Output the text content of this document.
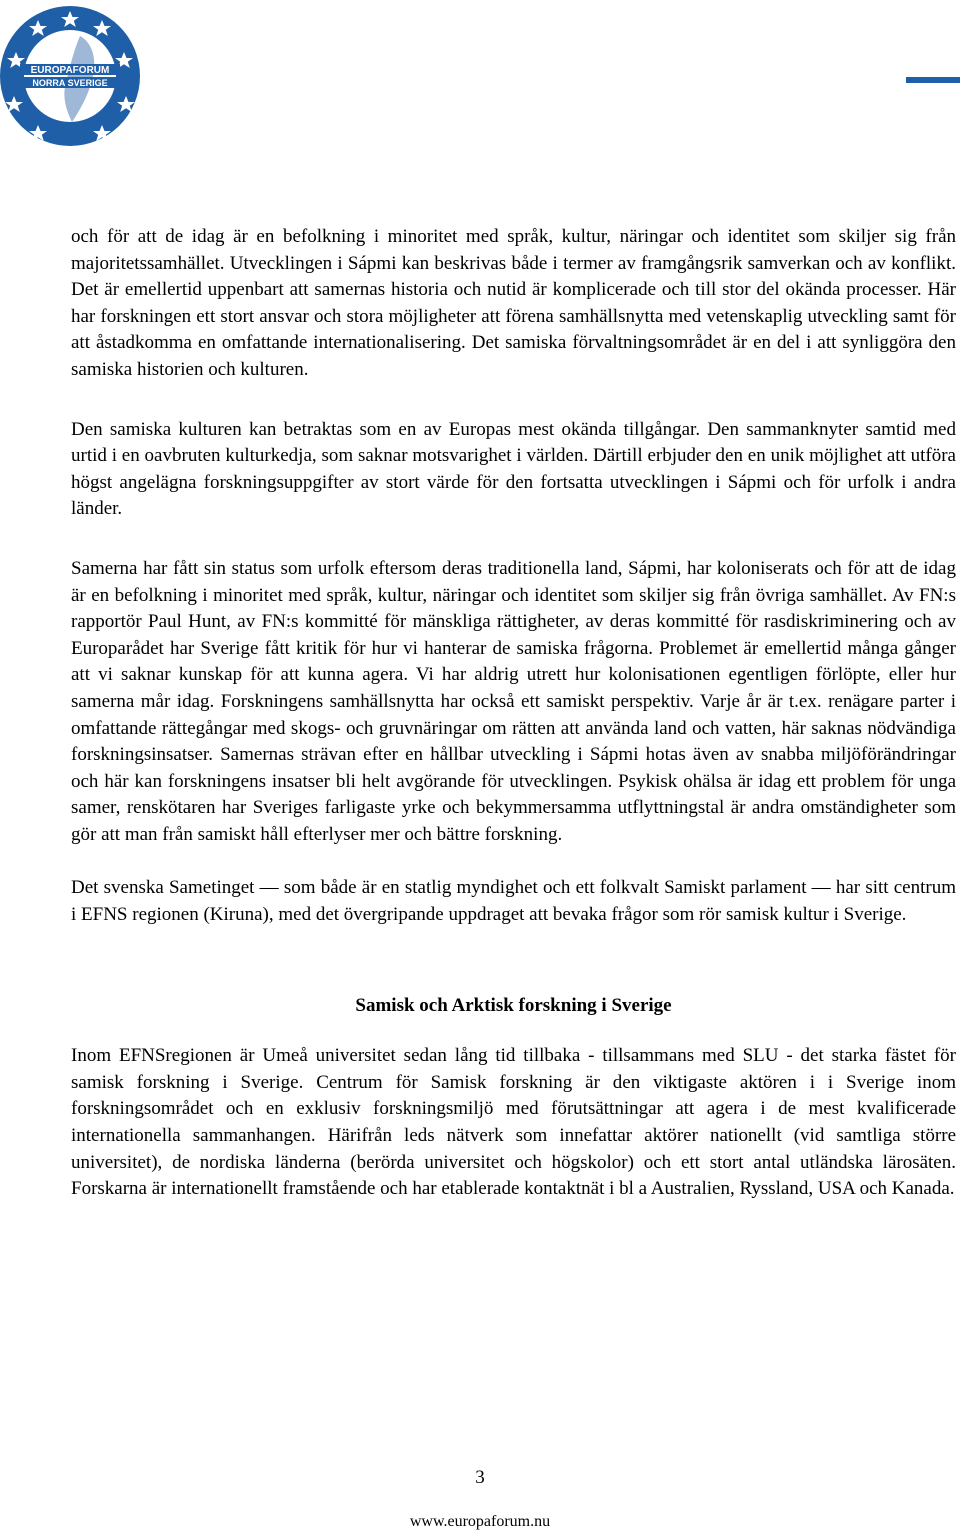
EUROPAFORUM
NORRA SVERIGE

och för att de idag är en befolkning i minoritet med språk, kultur, näringar och identitet som skiljer sig från majoritetssamhället. Utvecklingen i Sápmi kan beskrivas både i termer av framgångsrik samverkan och av konflikt. Det är emellertid uppenbart att samernas historia och nutid är komplicerade och till stor del okända processer. Här har forskningen ett stort ansvar och stora möjligheter att förena samhällsnytta med vetenskaplig utveckling samt för att åstadkomma en omfattande internationalisering. Det samiska förvaltningsområdet är en del i att synliggöra den samiska historien och kulturen.

Den samiska kulturen kan betraktas som en av Europas mest okända tillgångar. Den sammanknyter samtid med urtid i en oavbruten kulturkedja, som saknar motsvarighet i världen. Därtill erbjuder den en unik möjlighet att utföra högst angelägna forskningsuppgifter av stort värde för den fortsatta utvecklingen i Sápmi och för urfolk i andra länder.

Samerna har fått sin status som urfolk eftersom deras traditionella land, Sápmi, har koloniserats och för att de idag är en befolkning i minoritet med språk, kultur, näringar och identitet som skiljer sig från övriga samhället. Av FN:s rapportör Paul Hunt, av FN:s kommitté för mänskliga rättigheter, av deras kommitté för rasdiskriminering och av Europarådet har Sverige fått kritik för hur vi hanterar de samiska frågorna. Problemet är emellertid många gånger att vi saknar kunskap för att kunna agera. Vi har aldrig utrett hur kolonisationen egentligen förlöpte, eller hur samerna mår idag. Forskningens samhällsnytta har också ett samiskt perspektiv. Varje år är t.ex. renägare parter i omfattande rättegångar med skogs- och gruvnäringar om rätten att använda land och vatten, här saknas nödvändiga forskningsinsatser. Samernas strävan efter en hållbar utveckling i Sápmi hotas även av snabba miljöförändringar och här kan forskningens insatser bli helt avgörande för utvecklingen. Psykisk ohälsa är idag ett problem för unga samer, renskötaren har Sveriges farligaste yrke och bekymmersamma utflyttningstal är andra omständigheter som gör att man från samiskt håll efterlyser mer och bättre forskning.

Det svenska Sametinget — som både är en statlig myndighet och ett folkvalt Samiskt parlament — har sitt centrum i EFNS regionen (Kiruna), med det övergripande uppdraget att bevaka frågor som rör samisk kultur i Sverige.

Samisk och Arktisk forskning i Sverige

Inom EFNSregionen är Umeå universitet sedan lång tid tillbaka - tillsammans med SLU - det starka fästet för samisk forskning i Sverige. Centrum för Samisk forskning är den viktigaste aktören i i Sverige inom forskningsområdet och en exklusiv forskningsmiljö med förutsättningar att agera i de mest kvalificerade internationella sammanhangen. Härifrån leds nätverk som innefattar aktörer nationellt (vid samtliga större universitet), de nordiska länderna (berörda universitet och högskolor) och ett stort antal utländska lärosäten. Forskarna är internationellt framstående och har etablerade kontaktnät i bl a Australien, Ryssland, USA och Kanada.

3
www.europaforum.nu
